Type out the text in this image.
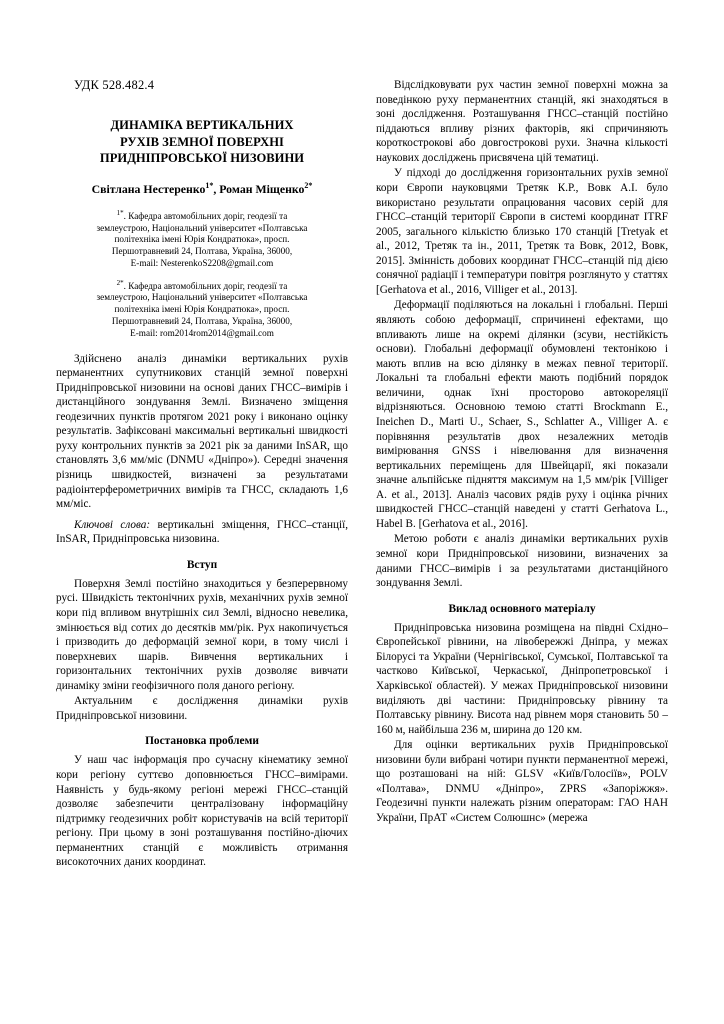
УДК 528.482.4
ДИНАМІКА ВЕРТИКАЛЬНИХ
РУХІВ ЗЕМНОЇ ПОВЕРХНІ
ПРИДНІПРОВСЬКОЇ НИЗОВИНИ
Світлана Нестеренко$^{1*}$, Роман Міщенко$^{2*}$
$^{1*}$. Кафедра автомобільних доріг, геодезії та
землеустрою, Національний університет «Полтавська
політехніка імені Юрія Кондратюка», просп.
Першотравневий 24, Полтава, Україна, 36000,
E-mail: NesterenkoS2208@gmail.com
$^{2*}$. Кафедра автомобільних доріг, геодезії та
землеустрою, Національний університет «Полтавська
політехніка імені Юрія Кондратюка», просп.
Першотравневий 24, Полтава, Україна, 36000,
E-mail: rom2014rom2014@gmail.com

Здійснено аналіз динаміки вертикальних рухів перманентних супутникових станцій земної поверхні Придніпровської низовини на основі даних ГНСС–вимірів і дистанційного зондування Землі. Визначено зміщення геодезичних пунктів протягом 2021 року і виконано оцінку результатів. Зафіксовані максимальні вертикальні швидкості руху контрольних пунктів за 2021 рік за даними InSAR, що становлять 3,6 мм/міс (DNMU «Дніпро»). Середні значення різниць швидкостей, визначені за результатами радіоінтерферометричних вимірів та ГНСС, складають 1,6 мм/міс.

Ключові слова: вертикальні зміщення, ГНСС–станції, InSAR, Придніпровська низовина.

Вступ

Поверхня Землі постійно знаходиться у безперервному русі. Швидкість тектонічних рухів, механічних рухів земної кори під впливом внутрішніх сил Землі, відносно невелика, змінюється від сотих до десятків мм/рік. Рух накопичується і призводить до деформацій земної кори, в тому числі і поверхневих шарів. Вивчення вертикальних і горизонтальних тектонічних рухів дозволяє вивчати динаміку зміни геофізичного поля даного регіону.

Актуальним є дослідження динаміки рухів Придніпровської низовини.

Постановка проблеми

У наш час інформація про сучасну кінематику земної кори регіону суттєво доповнюється ГНСС–вимірами. Наявність у будь-якому регіоні мережі ГНСС–станцій дозволяє забезпечити централізовану інформаційну підтримку геодезичних робіт користувачів на всій території регіону. При цьому в зоні розташування постійно-діючих перманентних станцій є можливість отримання високоточних даних координат.

Відслідковувати рух частин земної поверхні можна за поведінкою руху перманентних станцій, які знаходяться в зоні дослідження. Розташування ГНСС–станцій постійно піддаються впливу різних факторів, які спричиняють короткострокові або довгострокові рухи. Значна кількості наукових досліджень присвячена цій тематиці.

У підході до дослідження горизонтальних рухів земної кори Європи науковцями Третяк К.Р., Вовк А.І. було використано результати опрацювання часових серій для ГНСС–станцій території Європи в системі координат ITRF 2005, загального кількістю близько 170 станцій [Tretyak et al., 2012, Третяк та ін., 2011, Третяк та Вовк, 2012, Вовк, 2015]. Змінність добових координат ГНСС–станцій під дією сонячної радіації і температури повітря розглянуто у статтях [Gerhatova et al., 2016, Villiger et al., 2013].

Деформації поділяються на локальні і глобальні. Перші являють собою деформації, спричинені ефектами, що впливають лише на окремі ділянки (зсуви, нестійкість основи). Глобальні деформації обумовлені тектонікою і мають вплив на всю ділянку в межах певної території. Локальні та глобальні ефекти мають подібний порядок величини, однак їхні просторово автокореляції відрізняються. Основною темою статті Brockmann E., Ineichen D., Marti U., Schaer, S., Schlatter A., Villiger A. є порівняння результатів двох незалежних методів вимірювання GNSS і нівелювання для визначення вертикальних переміщень для Швейцарії, які показали значне альпійське підняття максимум на 1,5 мм/рік [Villiger A. et al., 2013]. Аналіз часових рядів руху і оцінка річних швидкостей ГНСС–станцій наведені у статті Gerhatova L., Habel B. [Gerhatova et al., 2016].

Метою роботи є аналіз динаміки вертикальних рухів земної кори Придніпровської низовини, визначених за даними ГНСС–вимірів і за результатами дистанційного зондування Землі.

Виклад основного матеріалу

Придніпровська низовина розміщена на півдні Східно–Європейської рівнини, на лівобережжі Дніпра, у межах Білорусі та України (Чернігівської, Сумської, Полтавської та частково Київської, Черкаської, Дніпропетровської і Харківської областей). У межах Придніпровської низовини виділяють дві частини: Придніпровську рівнину та Полтавську рівнину. Висота над рівнем моря становить 50 – 160 м, найбільша 236 м, ширина до 120 км.

Для оцінки вертикальних рухів Придніпровської низовини були вибрані чотири пункти перманентної мережі, що розташовані на ній: GLSV «Київ/Голосіїв», POLV «Полтава», DNMU «Дніпро», ZPRS «Запоріжжя». Геодезичні пункти належать різним операторам: ГАО НАН України, ПрАТ «Систем Солюшнс» (мережа
